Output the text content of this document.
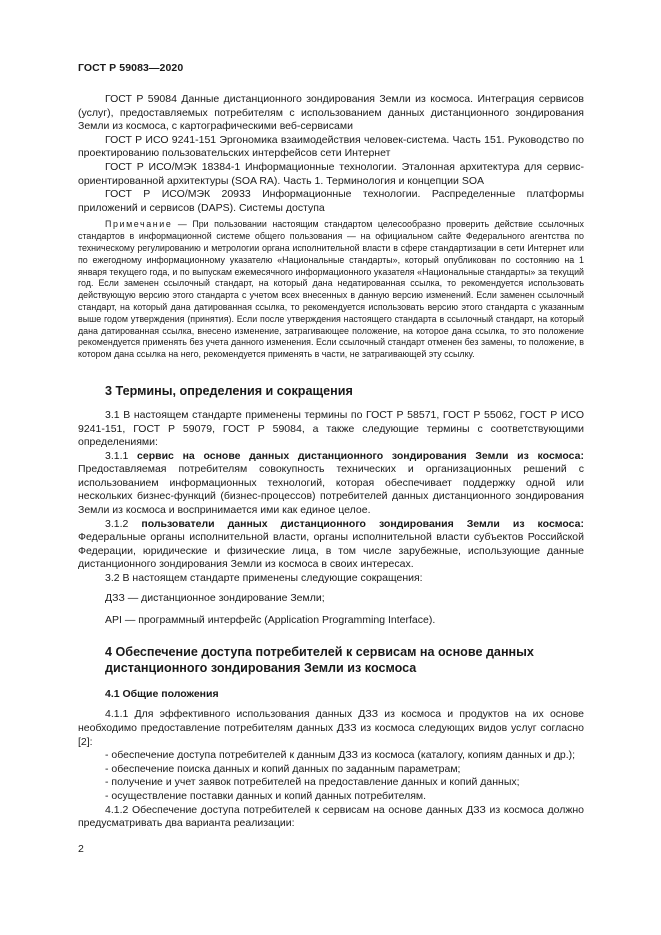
ГОСТ Р 59083—2020

ГОСТ Р 59084 Данные дистанционного зондирования Земли из космоса. Интеграция сервисов (услуг), предоставляемых потребителям с использованием данных дистанционного зондирования Земли из космоса, с картографическими веб-сервисами

ГОСТ Р ИСО 9241-151 Эргономика взаимодействия человек-система. Часть 151. Руководство по проектированию пользовательских интерфейсов сети Интернет

ГОСТ Р ИСО/МЭК 18384-1 Информационные технологии. Эталонная архитектура для сервис-ориентированной архитектуры (SOA RA). Часть 1. Терминология и концепции SOA

ГОСТ Р ИСО/МЭК 20933 Информационные технологии. Распределенные платформы приложений и сервисов (DAPS). Системы доступа

Примечание — При пользовании настоящим стандартом целесообразно проверить действие ссылочных стандартов в информационной системе общего пользования — на официальном сайте Федерального агентства по техническому регулированию и метрологии органа исполнительной власти в сфере стандартизации в сети Интернет или по ежегодному информационному указателю «Национальные стандарты», который опубликован по состоянию на 1 января текущего года, и по выпускам ежемесячного информационного указателя «Национальные стандарты» за текущий год. Если заменен ссылочный стандарт, на который дана недатированная ссылка, то рекомендуется использовать действующую версию этого стандарта с учетом всех внесенных в данную версию изменений. Если заменен ссылочный стандарт, на который дана датированная ссылка, то рекомендуется использовать версию этого стандарта с указанным выше годом утверждения (принятия). Если после утверждения настоящего стандарта в ссылочный стандарт, на который дана датированная ссылка, внесено изменение, затрагивающее положение, на которое дана ссылка, то это положение рекомендуется применять без учета данного изменения. Если ссылочный стандарт отменен без замены, то положение, в котором дана ссылка на него, рекомендуется применять в части, не затрагивающей эту ссылку.

3 Термины, определения и сокращения

3.1 В настоящем стандарте применены термины по ГОСТ Р 58571, ГОСТ Р 55062, ГОСТ Р ИСО 9241-151, ГОСТ Р 59079, ГОСТ Р 59084, а также следующие термины с соответствующими определениями:

3.1.1 сервис на основе данных дистанционного зондирования Земли из космоса: Предоставляемая потребителям совокупность технических и организационных решений с использованием информационных технологий, которая обеспечивает поддержку одной или нескольких бизнес-функций (бизнес-процессов) потребителей данных дистанционного зондирования Земли из космоса и воспринимается ими как единое целое.

3.1.2 пользователи данных дистанционного зондирования Земли из космоса: Федеральные органы исполнительной власти, органы исполнительной власти субъектов Российской Федерации, юридические и физические лица, в том числе зарубежные, использующие данные дистанционного зондирования Земли из космоса в своих интересах.

3.2 В настоящем стандарте применены следующие сокращения:

ДЗЗ — дистанционное зондирование Земли;

API — программный интерфейс (Application Programming Interface).

4 Обеспечение доступа потребителей к сервисам на основе данных
дистанционного зондирования Земли из космоса
4.1 Общие положения

4.1.1 Для эффективного использования данных ДЗЗ из космоса и продуктов на их основе необходимо предоставление потребителям данных ДЗЗ из космоса следующих видов услуг согласно [2]:

- обеспечение доступа потребителей к данным ДЗЗ из космоса (каталогу, копиям данных и др.);

- обеспечение поиска данных и копий данных по заданным параметрам;

- получение и учет заявок потребителей на предоставление данных и копий данных;

- осуществление поставки данных и копий данных потребителям.

4.1.2 Обеспечение доступа потребителей к сервисам на основе данных ДЗЗ из космоса должно предусматривать два варианта реализации:

2
